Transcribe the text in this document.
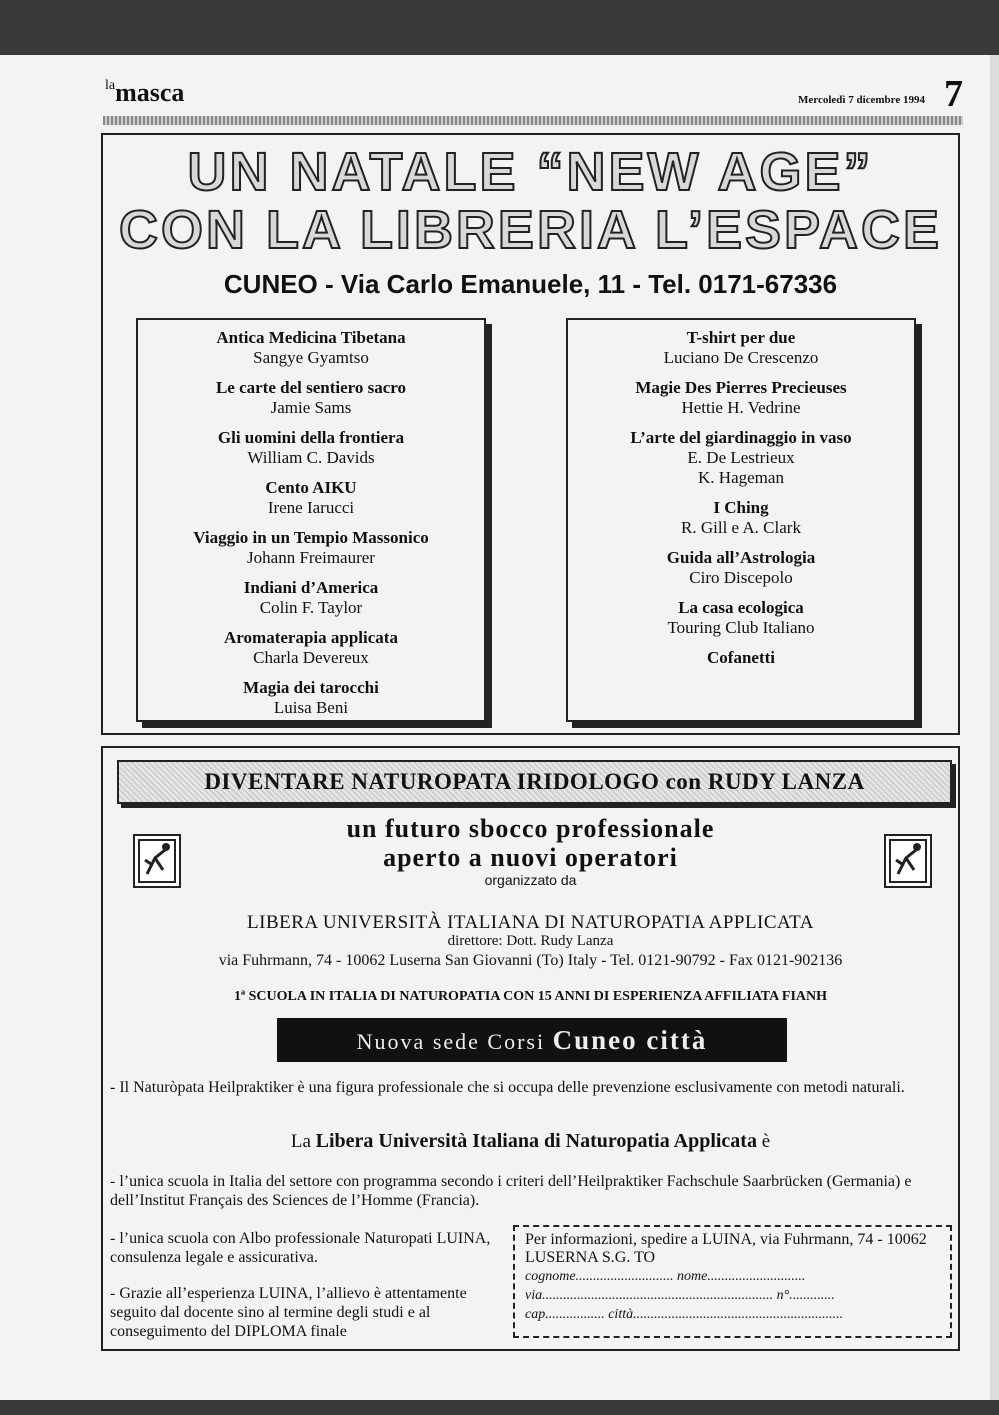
$^{la}$masca	Mercoledì 7 dicembre 1994 7
UN NATALE “NEW AGE”
CON LA LIBRERIA L’ESPACE
CUNEO - Via Carlo Emanuele, 11 - Tel. 0171-67336
Antica Medicina Tibetana
Sangye Gyamtso
Le carte del sentiero sacro
Jamie Sams
Gli uomini della frontiera
William C. Davids
Cento AIKU
Irene Iarucci
Viaggio in un Tempio Massonico
Johann Freimaurer
Indiani d’America
Colin F. Taylor
Aromaterapia applicata
Charla Devereux
Magia dei tarocchi
Luisa Beni
T-shirt per due
Luciano De Crescenzo
Magie Des Pierres Precieuses
Hettie H. Vedrine
L’arte del giardinaggio in vaso
E. De Lestrieux
K. Hageman
I Ching
R. Gill e A. Clark
Guida all’Astrologia
Ciro Discepolo
La casa ecologica
Touring Club Italiano
Cofanetti
DIVENTARE NATUROPATA IRIDOLOGO con RUDY LANZA
un futuro sbocco professionale
aperto a nuovi operatori
organizzato da
LIBERA UNIVERSITÀ ITALIANA DI NATUROPATIA APPLICATA
direttore: Dott. Rudy Lanza
via Fuhrmann, 74 - 10062 Luserna San Giovanni (To) Italy - Tel. 0121-90792 - Fax 0121-902136
1ª SCUOLA IN ITALIA DI NATUROPATIA CON 15 ANNI DI ESPERIENZA AFFILIATA FIANH
Nuova sede Corsi Cuneo città
- Il Naturòpata Heilpraktiker è una figura professionale che si occupa delle prevenzione esclusivamente con metodi naturali.
La Libera Università Italiana di Naturopatia Applicata è
- l’unica scuola in Italia del settore con programma secondo i criteri dell’Heilpraktiker Fachschule Saarbrücken (Germania) e dell’Institut Français des Sciences de l’Homme (Francia).
- l’unica scuola con Albo professionale Naturopati LUINA, consulenza legale e assicurativa.
- Grazie all’esperienza LUINA, l’allievo è attentamente seguito dal docente sino al termine degli studi e al conseguimento del DIPLOMA finale
Per informazioni, spedire a LUINA, via Fuhrmann, 74 - 10062 LUSERNA S.G. TO
cognome............................ nome............................
via.................................................................. n°.............
cap................. città............................................................
